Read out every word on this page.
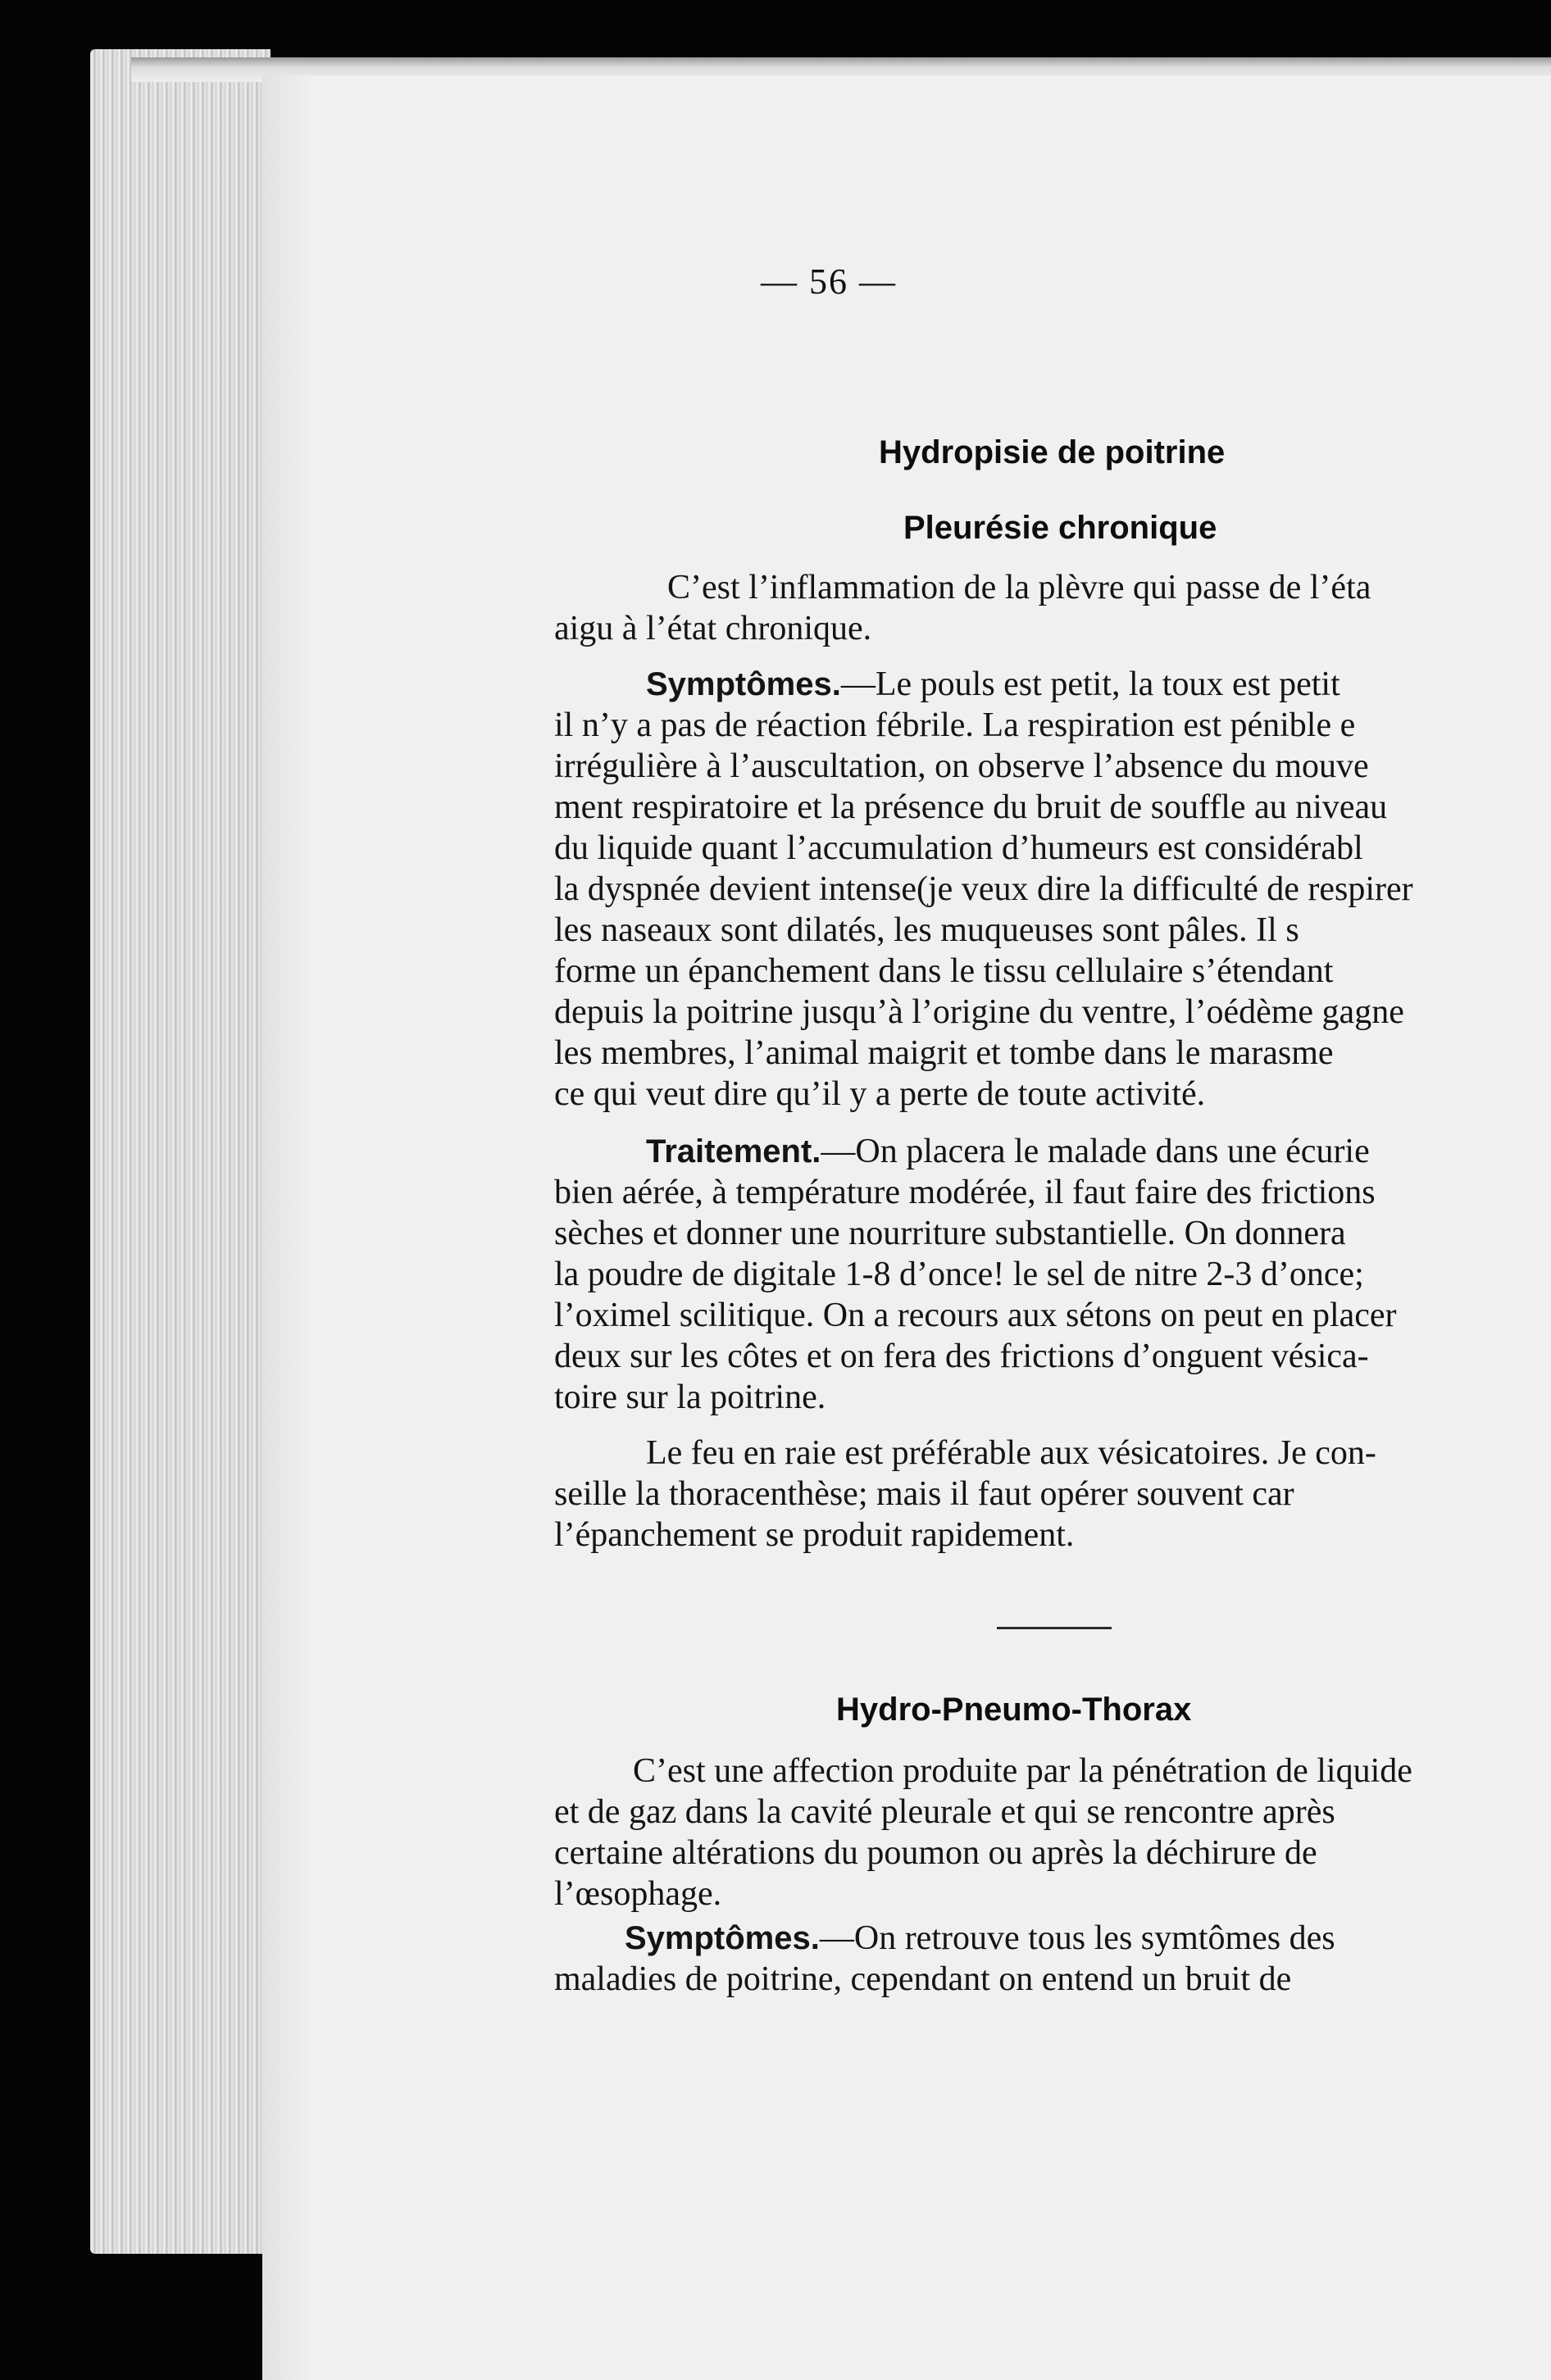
— 56 —
Hydropisie de poitrine
Pleurésie chronique
C’est l’inflammation de la plèvre qui passe de l’éta
aigu à l’état chronique.
Symptômes.—Le pouls est petit, la toux est petit
il n’y a pas de réaction fébrile. La respiration est pénible e
irrégulière à l’auscultation, on observe l’absence du mouve
ment respiratoire et la présence du bruit de souffle au niveau
du liquide quant l’accumulation d’humeurs est considérabl
la dyspnée devient intense(je veux dire la difficulté de respirer
les naseaux sont dilatés, les muqueuses sont pâles. Il s
forme un épanchement dans le tissu cellulaire s’étendant
depuis la poitrine jusqu’à l’origine du ventre, l’oédème gagne
les membres, l’animal maigrit et tombe dans le marasme
ce qui veut dire qu’il y a perte de toute activité.
Traitement.—On placera le malade dans une écurie
bien aérée, à température modérée, il faut faire des frictions
sèches et donner une nourriture substantielle. On donnera
la poudre de digitale 1-8 d’once! le sel de nitre 2-3 d’once;
l’oximel scilitique. On a recours aux sétons on peut en placer
deux sur les côtes et on fera des frictions d’onguent vésica-
toire sur la poitrine.
Le feu en raie est préférable aux vésicatoires. Je con-
seille la thoracenthèse; mais il faut opérer souvent car
l’épanchement se produit rapidement.
Hydro-Pneumo-Thorax
C’est une affection produite par la pénétration de liquide
et de gaz dans la cavité pleurale et qui se rencontre après
certaine altérations du poumon ou après la déchirure de
l’œsophage.
Symptômes.—On retrouve tous les symtômes des
maladies de poitrine, cependant on entend un bruit de
